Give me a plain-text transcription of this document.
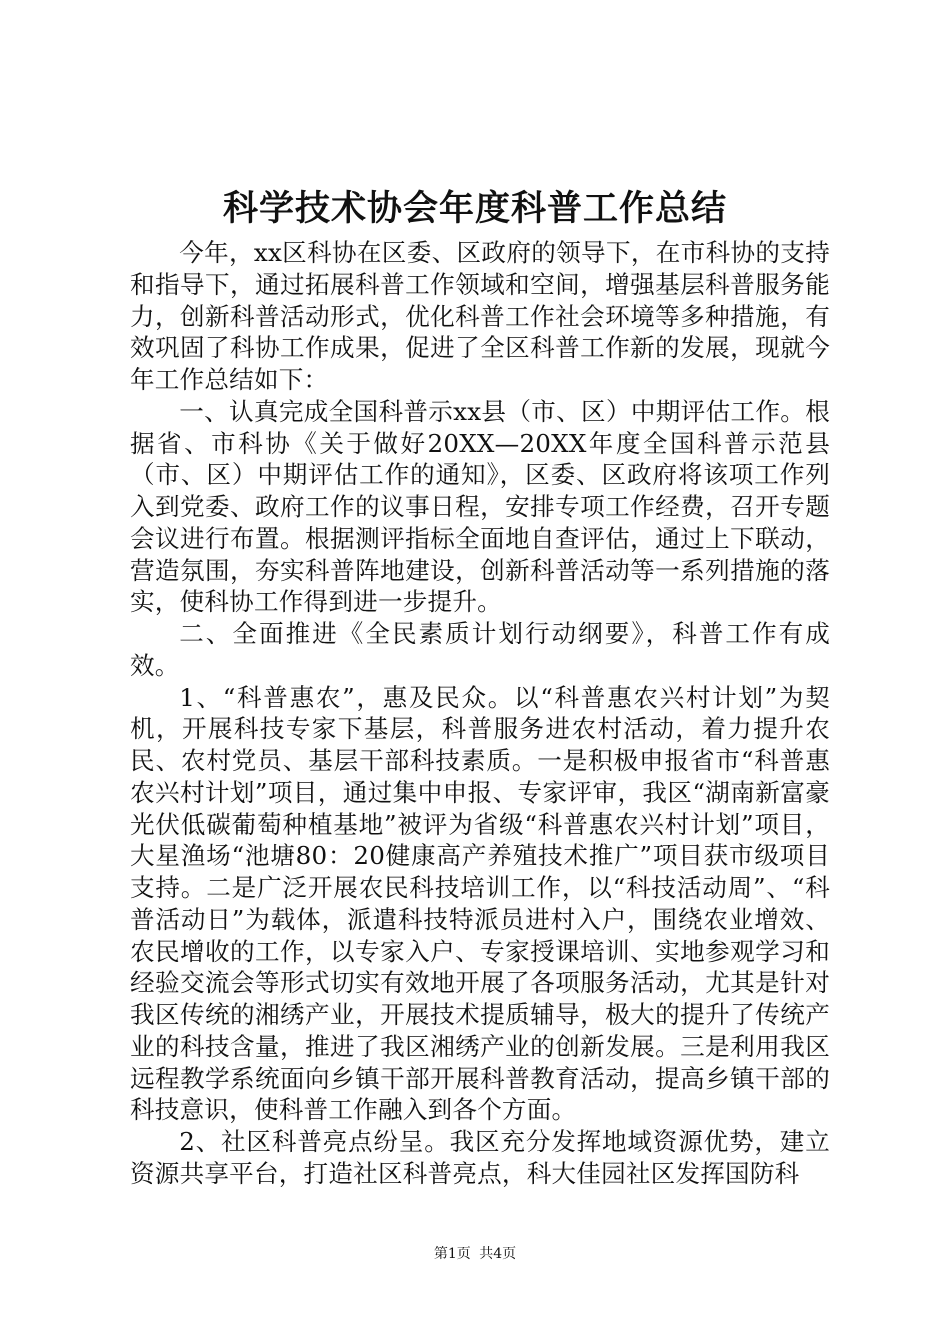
科学技术协会年度科普工作总结

今年，xx区科协在区委、区政府的领导下，在市科协的支持和指导下，通过拓展科普工作领域和空间，增强基层科普服务能力，创新科普活动形式，优化科普工作社会环境等多种措施，有效巩固了科协工作成果，促进了全区科普工作新的发展，现就今年工作总结如下：

一、认真完成全国科普示xx县（市、区）中期评估工作。根据省、市科协《关于做好20XX—20XX年度全国科普示范县（市、区）中期评估工作的通知》，区委、区政府将该项工作列入到党委、政府工作的议事日程，安排专项工作经费，召开专题会议进行布置。根据测评指标全面地自查评估，通过上下联动，营造氛围，夯实科普阵地建设，创新科普活动等一系列措施的落实，使科协工作得到进一步提升。

二、全面推进《全民素质计划行动纲要》，科普工作有成效。

1、“科普惠农”，惠及民众。以“科普惠农兴村计划”为契机，开展科技专家下基层，科普服务进农村活动，着力提升农民、农村党员、基层干部科技素质。一是积极申报省市“科普惠农兴村计划”项目，通过集中申报、专家评审，我区“湖南新富豪光伏低碳葡萄种植基地”被评为省级“科普惠农兴村计划”项目，大星渔场“池塘80：20健康高产养殖技术推广”项目获市级项目支持。二是广泛开展农民科技培训工作，以“科技活动周”、“科普活动日”为载体，派遣科技特派员进村入户，围绕农业增效、农民增收的工作，以专家入户、专家授课培训、实地参观学习和经验交流会等形式切实有效地开展了各项服务活动，尤其是针对我区传统的湘绣产业，开展技术提质辅导，极大的提升了传统产业的科技含量，推进了我区湘绣产业的创新发展。三是利用我区远程教学系统面向乡镇干部开展科普教育活动，提高乡镇干部的科技意识，使科普工作融入到各个方面。

2、社区科普亮点纷呈。我区充分发挥地域资源优势，建立资源共享平台，打造社区科普亮点，科大佳园社区发挥国防科

第1页 共4页
